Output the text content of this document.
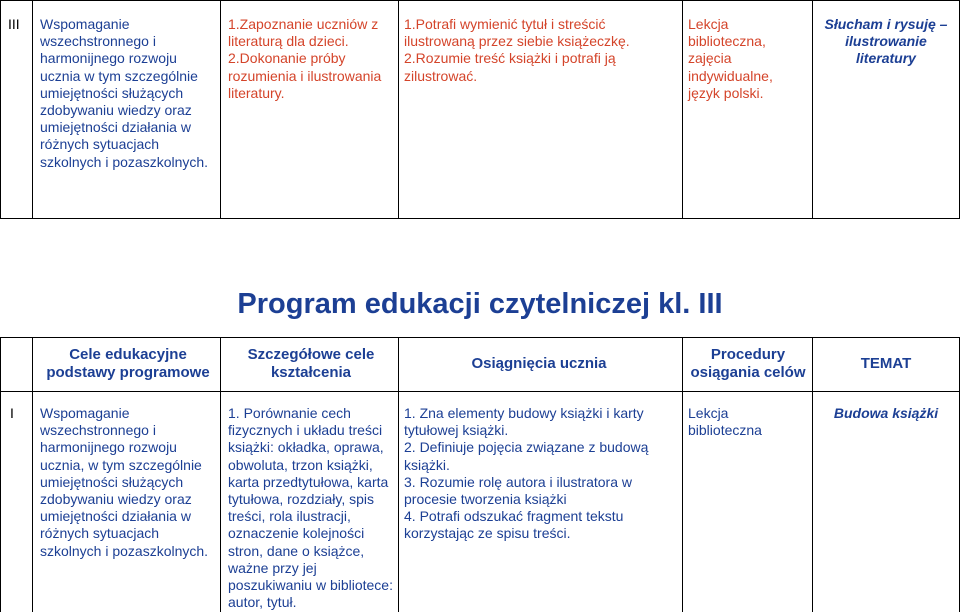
III	Wspomaganie wszechstronnego i harmonijnego rozwoju ucznia w tym szczególnie umiejętności służących zdobywaniu wiedzy oraz umiejętności działania w różnych sytuacjach szkolnych i pozaszkolnych.
1.Zapoznanie uczniów z literaturą dla dzieci.
2.Dokonanie próby rozumienia i ilustrowania literatury.
1.Potrafi wymienić tytuł i streścić ilustrowaną przez siebie książeczkę.
2.Rozumie treść książki i potrafi ją zilustrować.
Lekcja biblioteczna, zajęcia indywidualne, język polski.
Słucham i rysuję – ilustrowanie literatury
Program edukacji czytelniczej kl. III
Cele edukacyjne podstawy programowe
Szczegółowe cele kształcenia
Osiągnięcia ucznia
Procedury osiągania celów
TEMAT
I	Wspomaganie wszechstronnego i harmonijnego rozwoju ucznia, w tym szczególnie umiejętności służących zdobywaniu wiedzy oraz umiejętności działania w różnych sytuacjach szkolnych i pozaszkolnych.
1. Porównanie cech fizycznych i układu treści książki: okładka, oprawa, obwoluta, trzon książki, karta przedtytułowa, karta tytułowa, rozdziały, spis treści, rola ilustracji, oznaczenie kolejności stron, dane o książce, ważne przy jej poszukiwaniu w bibliotece: autor, tytuł.
1. Zna elementy budowy książki i karty tytułowej książki.
2. Definiuje pojęcia związane z budową książki.
3. Rozumie rolę autora i ilustratora w procesie tworzenia książki
4. Potrafi odszukać fragment tekstu korzystając ze spisu treści.
Lekcja biblioteczna
Budowa książki
